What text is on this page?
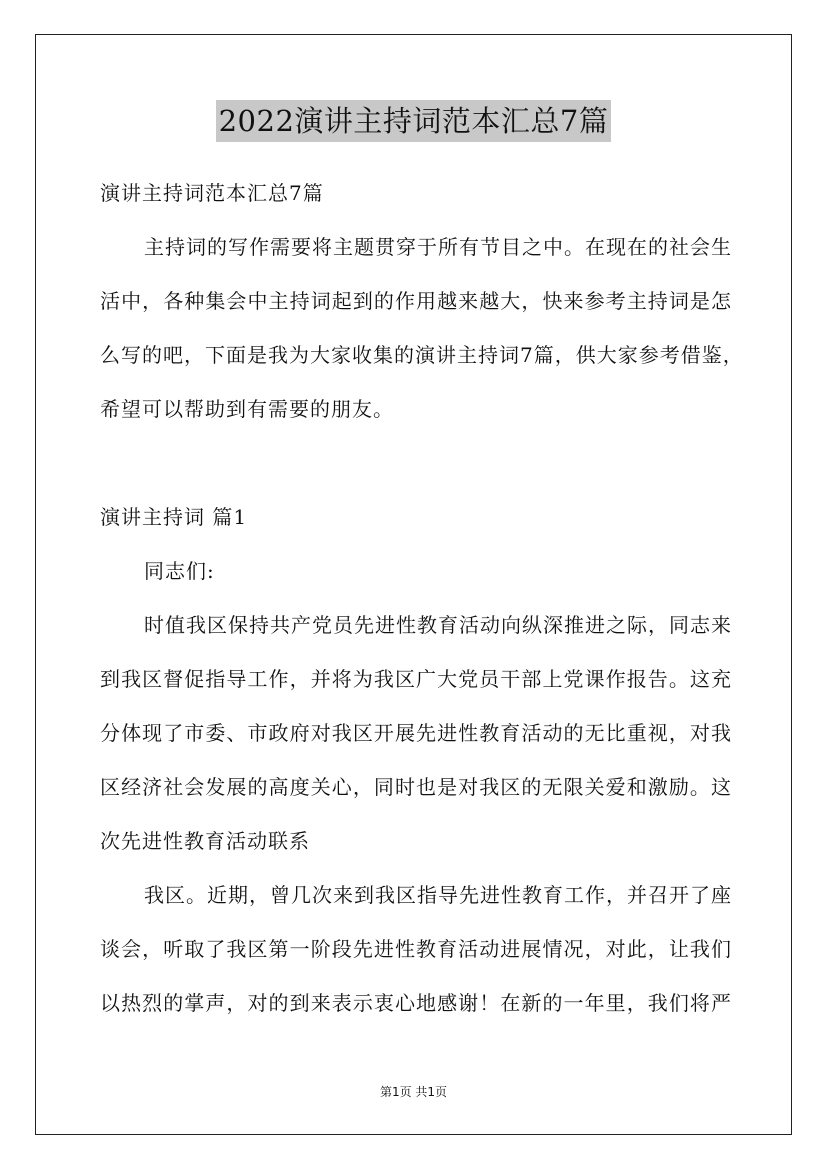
2022演讲主持词范本汇总7篇
演讲主持词范本汇总7篇
主持词的写作需要将主题贯穿于所有节目之中。在现在的社会生
活中，各种集会中主持词起到的作用越来越大，快来参考主持词是怎
么写的吧，下面是我为大家收集的演讲主持词7篇，供大家参考借鉴，
希望可以帮助到有需要的朋友。
演讲主持词 篇1
同志们:
时值我区保持共产党员先进性教育活动向纵深推进之际，同志来
到我区督促指导工作，并将为我区广大党员干部上党课作报告。这充
分体现了市委、市政府对我区开展先进性教育活动的无比重视，对我
区经济社会发展的高度关心，同时也是对我区的无限关爱和激励。这
次先进性教育活动联系
我区。近期，曾几次来到我区指导先进性教育工作，并召开了座
谈会，听取了我区第一阶段先进性教育活动进展情况，对此，让我们
以热烈的掌声，对的到来表示衷心地感谢！在新的一年里，我们将严
第1页 共1页
